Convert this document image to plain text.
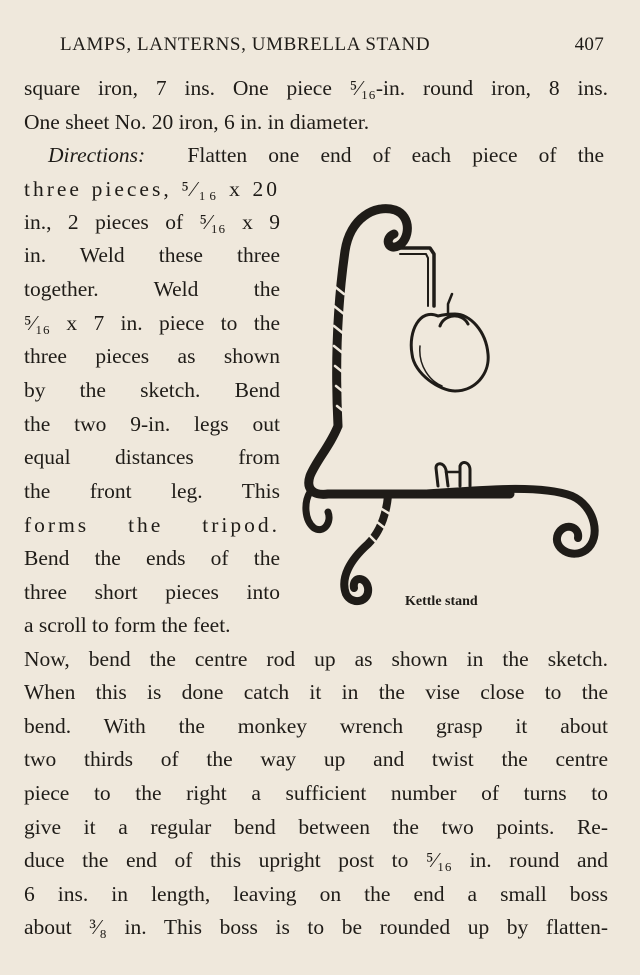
LAMPS, LANTERNS, UMBRELLA STAND	407
square iron, 7 ins. One piece ⁵⁄₁₆-in. round iron, 8 ins.
One sheet No. 20 iron, 6 in. in diameter.
Directions: Flatten one end of each piece of the
three pieces, ⁵⁄₁₆ x 20
in., 2 pieces of ⁵⁄₁₆ x 9
in. Weld these three
together. Weld the
⁵⁄₁₆ x 7 in. piece to the
three pieces as shown
by the sketch. Bend
the two 9-in. legs out
equal distances from
the front leg. This
forms the tripod.
Bend the ends of the
three short pieces into
a scroll to form the feet.
Now, bend the centre rod up as shown in the sketch.
When this is done catch it in the vise close to the
bend. With the monkey wrench grasp it about
two thirds of the way up and twist the centre
piece to the right a sufficient number of turns to
give it a regular bend between the two points. Re-
duce the end of this upright post to ⁵⁄₁₆ in. round and
6 ins. in length, leaving on the end a small boss
about ³⁄₈ in. This boss is to be rounded up by flatten-
Kettle stand
